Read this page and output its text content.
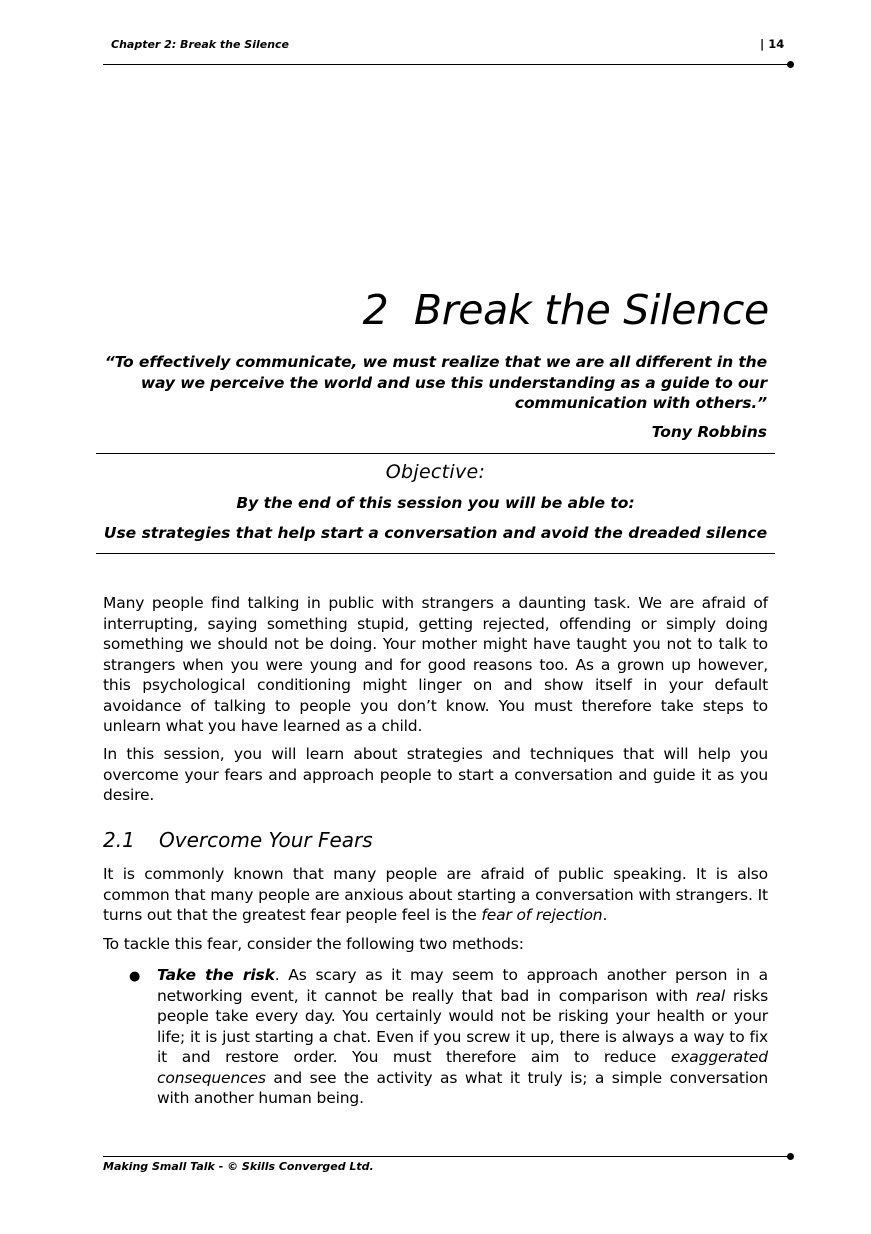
Chapter 2: Break the Silence	| 14
2 Break the Silence
“To effectively communicate, we must realize that we are all different in the
way we perceive the world and use this understanding as a guide to our
communication with others.”
Tony Robbins
Objective:
By the end of this session you will be able to:
Use strategies that help start a conversation and avoid the dreaded silence
Many people find talking in public with strangers a daunting task. We are afraid of interrupting, saying something stupid, getting rejected, offending or simply doing something we should not be doing. Your mother might have taught you not to talk to strangers when you were young and for good reasons too. As a grown up however, this psychological conditioning might linger on and show itself in your default avoidance of talking to people you don’t know. You must therefore take steps to unlearn what you have learned as a child.
In this session, you will learn about strategies and techniques that will help you overcome your fears and approach people to start a conversation and guide it as you desire.
2.1 Overcome Your Fears
It is commonly known that many people are afraid of public speaking. It is also common that many people are anxious about starting a conversation with strangers. It turns out that the greatest fear people feel is the fear of rejection.
To tackle this fear, consider the following two methods:
● Take the risk. As scary as it may seem to approach another person in a networking event, it cannot be really that bad in comparison with real risks people take every day. You certainly would not be risking your health or your life; it is just starting a chat. Even if you screw it up, there is always a way to fix it and restore order. You must therefore aim to reduce exaggerated consequences and see the activity as what it truly is; a simple conversation with another human being.
Making Small Talk - © Skills Converged Ltd.
